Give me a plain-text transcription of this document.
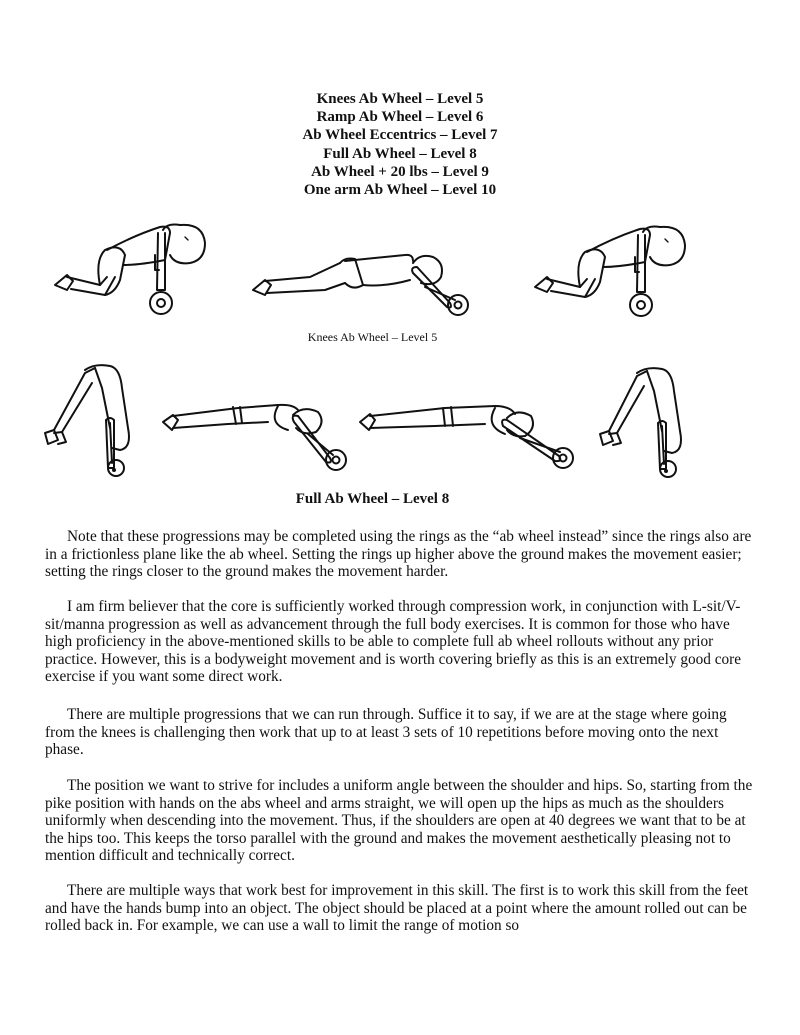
Knees Ab Wheel – Level 5
Ramp Ab Wheel – Level 6
Ab Wheel Eccentrics – Level 7
Full Ab Wheel – Level 8
Ab Wheel + 20 lbs – Level 9
One arm Ab Wheel – Level 10
Knees Ab Wheel – Level 5
Full Ab Wheel – Level 8

Note that these progressions may be completed using the rings as the “ab wheel instead” since the rings also are in a frictionless plane like the ab wheel. Setting the rings up higher above the ground makes the movement easier; setting the rings closer to the ground makes the movement harder.

I am firm believer that the core is sufficiently worked through compression work, in conjunction with L-sit/V-sit/manna progression as well as advancement through the full body exercises. It is common for those who have high proficiency in the above-mentioned skills to be able to complete full ab wheel rollouts without any prior practice. However, this is a bodyweight movement and is worth covering briefly as this is an extremely good core exercise if you want some direct work.

There are multiple progressions that we can run through. Suffice it to say, if we are at the stage where going from the knees is challenging then work that up to at least 3 sets of 10 repetitions before moving onto the next phase.

The position we want to strive for includes a uniform angle between the shoulder and hips. So, starting from the pike position with hands on the abs wheel and arms straight, we will open up the hips as much as the shoulders uniformly when descending into the movement. Thus, if the shoulders are open at 40 degrees we want that to be at the hips too. This keeps the torso parallel with the ground and makes the movement aesthetically pleasing not to mention difficult and technically correct.

There are multiple ways that work best for improvement in this skill. The first is to work this skill from the feet and have the hands bump into an object. The object should be placed at a point where the amount rolled out can be rolled back in. For example, we can use a wall to limit the range of motion so
